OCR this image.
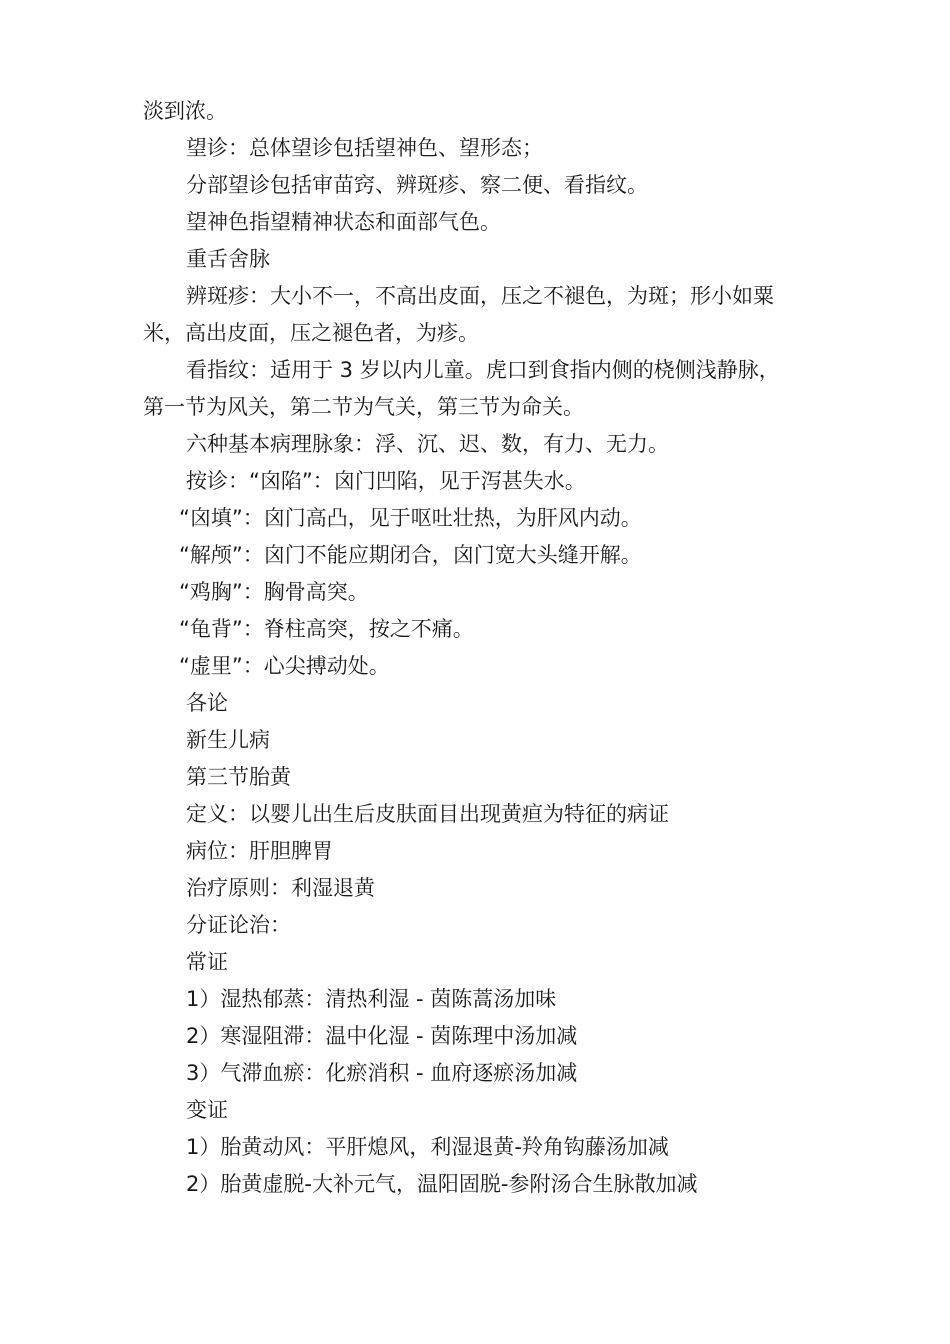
淡到浓。

望诊：总体望诊包括望神色、望形态；

分部望诊包括审苗窍、辨斑疹、察二便、看指纹。

望神色指望精神状态和面部气色。

重舌舍脉

辨斑疹：大小不一，不高出皮面，压之不褪色，为斑；形小如粟

米，高出皮面，压之褪色者，为疹。

看指纹：适用于 3 岁以内儿童。虎口到食指内侧的桡侧浅静脉，

第一节为风关，第二节为气关，第三节为命关。

六种基本病理脉象：浮、沉、迟、数，有力、无力。

按诊：“囟陷”：囟门凹陷，见于泻甚失水。

“囟填”：囟门高凸，见于呕吐壮热，为肝风内动。

“解颅”：囟门不能应期闭合，囟门宽大头缝开解。

“鸡胸”：胸骨高突。

“龟背”：脊柱高突，按之不痛。

“虚里”：心尖搏动处。

各论

新生儿病

第三节胎黄

定义：以婴儿出生后皮肤面目出现黄疸为特征的病证

病位：肝胆脾胃

治疗原则：利湿退黄

分证论治：

常证

1）湿热郁蒸：清热利湿 - 茵陈蒿汤加味

2）寒湿阻滞：温中化湿 - 茵陈理中汤加减

3）气滞血瘀：化瘀消积 - 血府逐瘀汤加减

变证

1）胎黄动风：平肝熄风，利湿退黄-羚角钩藤汤加减

2）胎黄虚脱-大补元气，温阳固脱-参附汤合生脉散加减
